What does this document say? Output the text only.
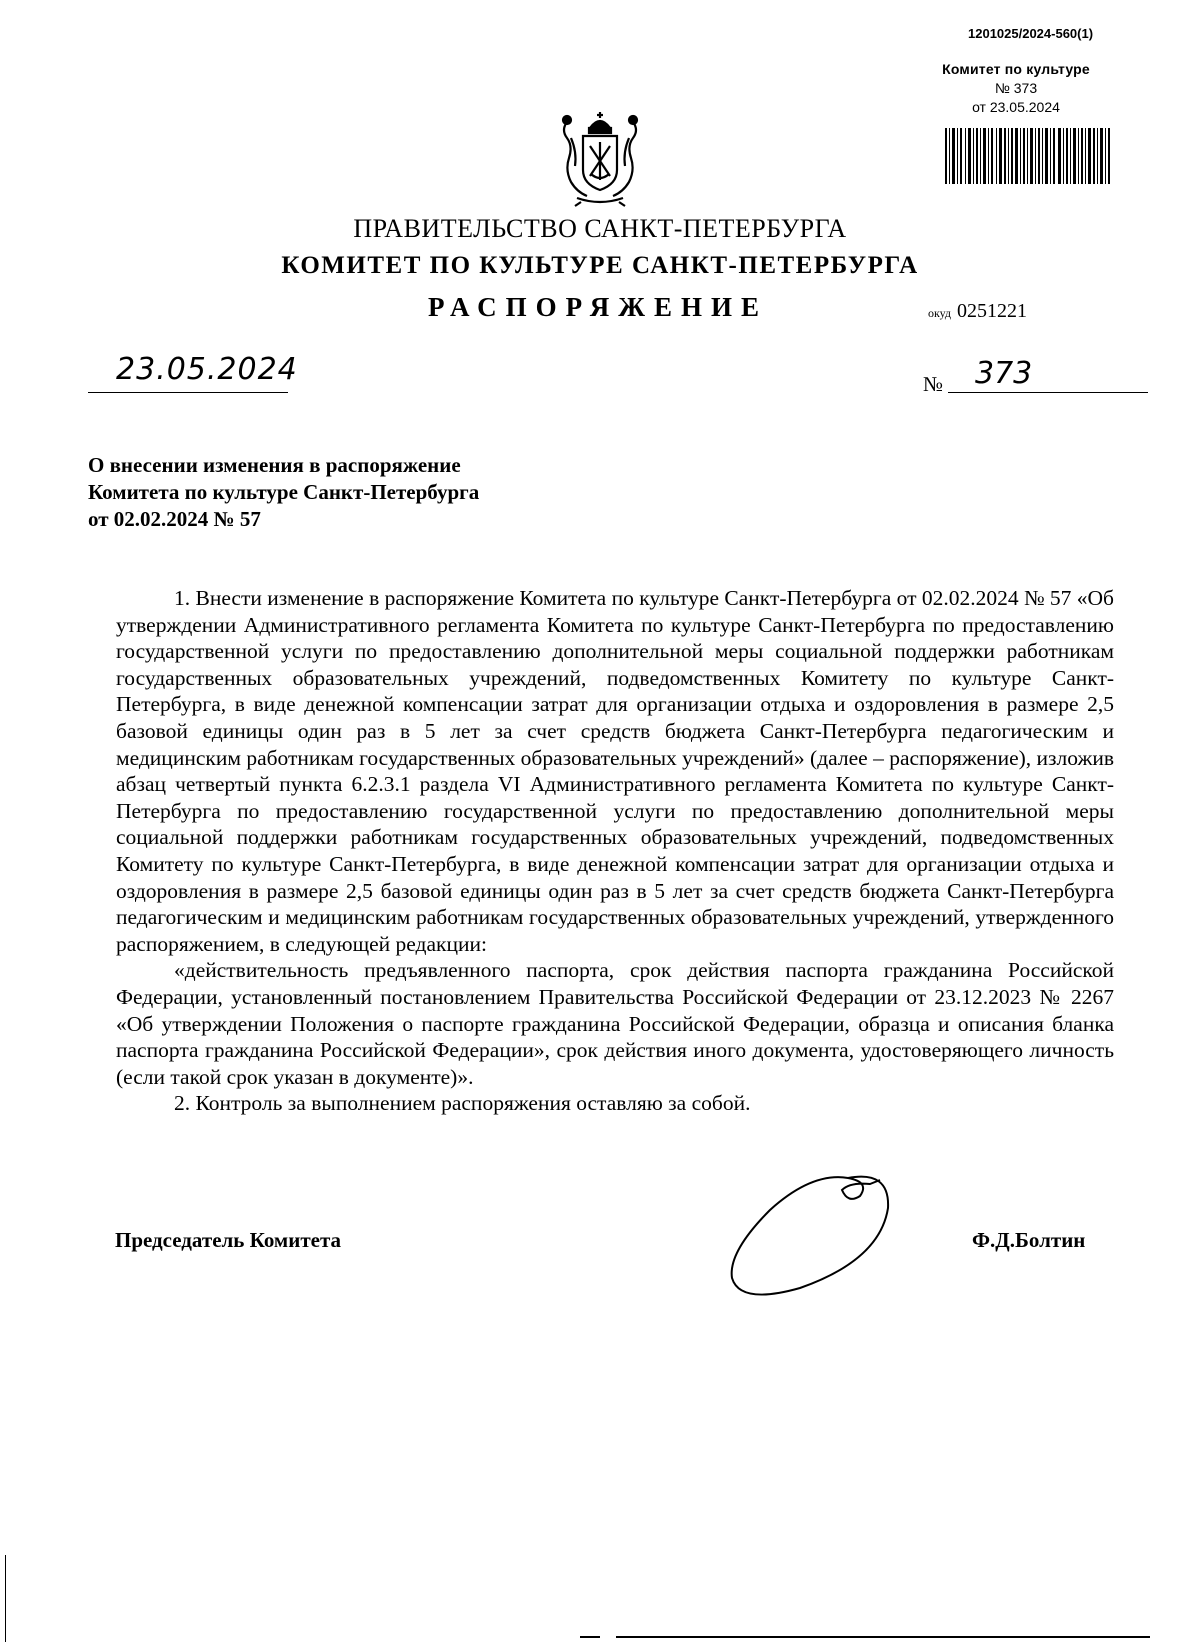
1201025/2024-560(1)
Комитет по культуре
№ 373
от 23.05.2024
ПРАВИТЕЛЬСТВО САНКТ-ПЕТЕРБУРГА
КОМИТЕТ ПО КУЛЬТУРЕ САНКТ-ПЕТЕРБУРГА
РАСПОРЯЖЕНИЕ	окуд 0251221
23.05.2024	№ 373
О внесении изменения в распоряжение
Комитета по культуре Санкт-Петербурга
от 02.02.2024 № 57

1. Внести изменение в распоряжение Комитета по культуре Санкт-Петербурга от 02.02.2024 № 57 «Об утверждении Административного регламента Комитета по культуре Санкт-Петербурга по предоставлению государственной услуги по предоставлению дополнительной меры социальной поддержки работникам государственных образовательных учреждений, подведомственных Комитету по культуре Санкт-Петербурга, в виде денежной компенсации затрат для организации отдыха и оздоровления в размере 2,5 базовой единицы один раз в 5 лет за счет средств бюджета Санкт-Петербурга педагогическим и медицинским работникам государственных образовательных учреждений» (далее – распоряжение), изложив абзац четвертый пункта 6.2.3.1 раздела VI Административного регламента Комитета по культуре Санкт-Петербурга по предоставлению государственной услуги по предоставлению дополнительной меры социальной поддержки работникам государственных образовательных учреждений, подведомственных Комитету по культуре Санкт-Петербурга, в виде денежной компенсации затрат для организации отдыха и оздоровления в размере 2,5 базовой единицы один раз в 5 лет за счет средств бюджета Санкт-Петербурга педагогическим и медицинским работникам государственных образовательных учреждений, утвержденного распоряжением, в следующей редакции:

«действительность предъявленного паспорта, срок действия паспорта гражданина Российской Федерации, установленный постановлением Правительства Российской Федерации от 23.12.2023 № 2267 «Об утверждении Положения о паспорте гражданина Российской Федерации, образца и описания бланка паспорта гражданина Российской Федерации», срок действия иного документа, удостоверяющего личность (если такой срок указан в документе)».

2. Контроль за выполнением распоряжения оставляю за собой.

Председатель Комитета	Ф.Д.Болтин
